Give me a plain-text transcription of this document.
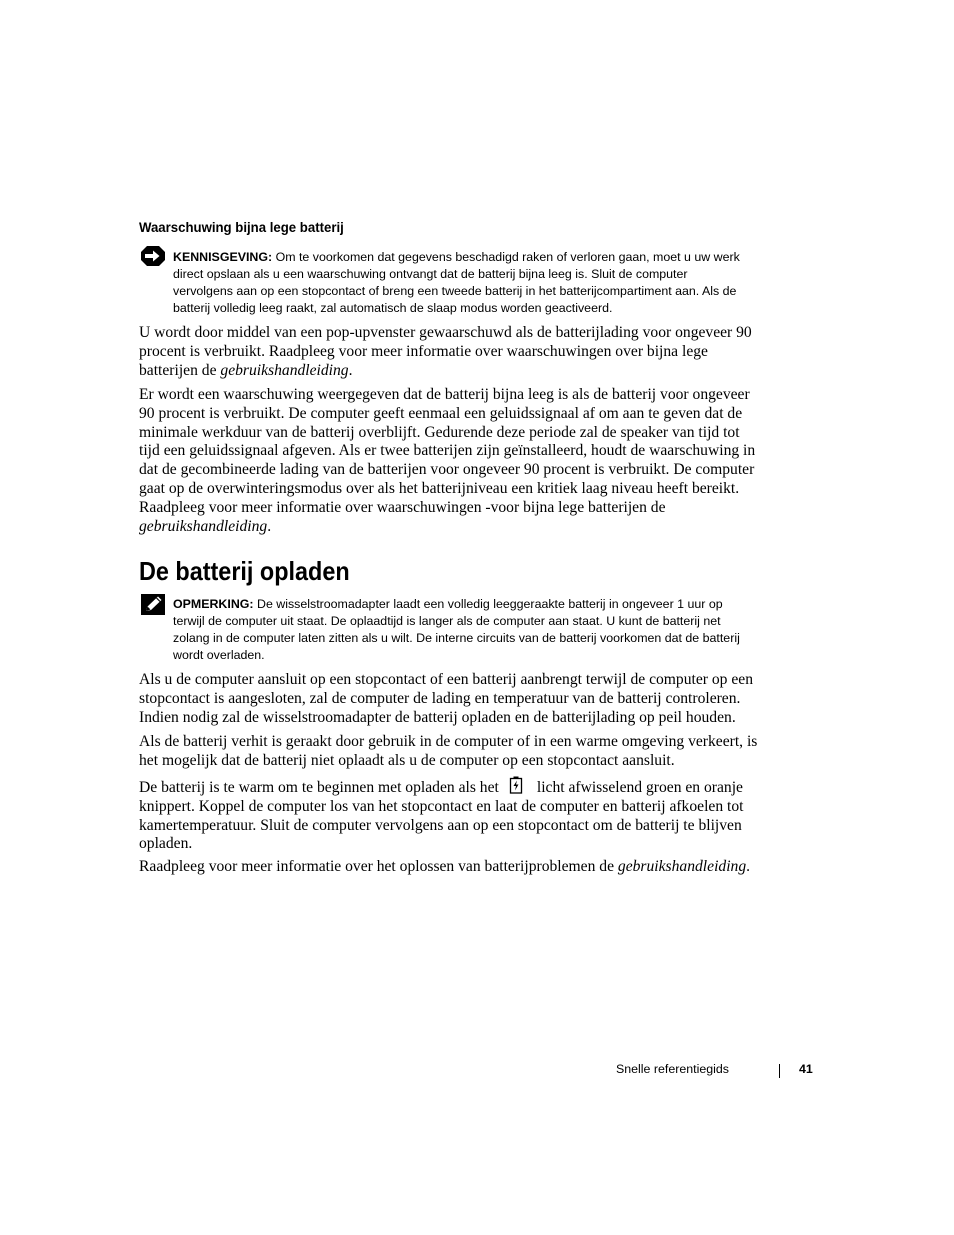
Waarschuwing bijna lege batterij
KENNISGEVING: Om te voorkomen dat gegevens beschadigd raken of verloren gaan, moet u uw werk
direct opslaan als u een waarschuwing ontvangt dat de batterij bijna leeg is. Sluit de computer
vervolgens aan op een stopcontact of breng een tweede batterij in het batterijcompartiment aan. Als de
batterij volledig leeg raakt, zal automatisch de slaap modus worden geactiveerd.
U wordt door middel van een pop-upvenster gewaarschuwd als de batterijlading voor ongeveer 90
procent is verbruikt. Raadpleeg voor meer informatie over waarschuwingen over bijna lege
batterijen de gebruikshandleiding.
Er wordt een waarschuwing weergegeven dat de batterij bijna leeg is als de batterij voor ongeveer
90 procent is verbruikt. De computer geeft eenmaal een geluidssignaal af om aan te geven dat de
minimale werkduur van de batterij overblijft. Gedurende deze periode zal de speaker van tijd tot
tijd een geluidssignaal afgeven. Als er twee batterijen zijn geïnstalleerd, houdt de waarschuwing in
dat de gecombineerde lading van de batterijen voor ongeveer 90 procent is verbruikt. De computer
gaat op de overwinteringsmodus over als het batterijniveau een kritiek laag niveau heeft bereikt.
Raadpleeg voor meer informatie over waarschuwingen -voor bijna lege batterijen de
gebruikshandleiding.
De batterij opladen
OPMERKING: De wisselstroomadapter laadt een volledig leeggeraakte batterij in ongeveer 1 uur op
terwijl de computer uit staat. De oplaadtijd is langer als de computer aan staat. U kunt de batterij net
zolang in de computer laten zitten als u wilt. De interne circuits van de batterij voorkomen dat de batterij
wordt overladen.
Als u de computer aansluit op een stopcontact of een batterij aanbrengt terwijl de computer op een
stopcontact is aangesloten, zal de computer de lading en temperatuur van de batterij controleren.
Indien nodig zal de wisselstroomadapter de batterij opladen en de batterijlading op peil houden.
Als de batterij verhit is geraakt door gebruik in de computer of in een warme omgeving verkeert, is
het mogelijk dat de batterij niet oplaadt als u de computer op een stopcontact aansluit.
De batterij is te warm om te beginnen met opladen als het licht afwisselend groen en oranje
knippert. Koppel de computer los van het stopcontact en laat de computer en batterij afkoelen tot
kamertemperatuur. Sluit de computer vervolgens aan op een stopcontact om de batterij te blijven
opladen.
Raadpleeg voor meer informatie over het oplossen van batterijproblemen de gebruikshandleiding.
Snelle referentiegids	41
